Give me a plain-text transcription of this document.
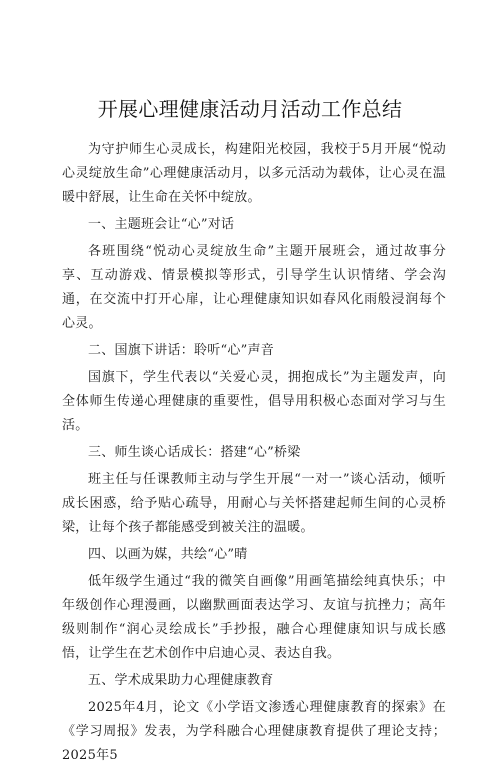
开展心理健康活动月活动工作总结

为守护师生心灵成长，构建阳光校园，我校于5月开展“悦动心灵绽放生命”心理健康活动月，以多元活动为载体，让心灵在温暖中舒展，让生命在关怀中绽放。

一、主题班会让“心”对话

各班围绕“悦动心灵绽放生命”主题开展班会，通过故事分享、互动游戏、情景模拟等形式，引导学生认识情绪、学会沟通，在交流中打开心扉，让心理健康知识如春风化雨般浸润每个心灵。

二、国旗下讲话：聆听“心”声音

国旗下，学生代表以“关爱心灵，拥抱成长”为主题发声，向全体师生传递心理健康的重要性，倡导用积极心态面对学习与生活。

三、师生谈心话成长：搭建“心”桥梁

班主任与任课教师主动与学生开展“一对一”谈心活动，倾听成长困惑，给予贴心疏导，用耐心与关怀搭建起师生间的心灵桥梁，让每个孩子都能感受到被关注的温暖。

四、以画为媒，共绘“心”晴

低年级学生通过“我的微笑自画像”用画笔描绘纯真快乐；中年级创作心理漫画，以幽默画面表达学习、友谊与抗挫力；高年级则制作“润心灵绘成长”手抄报，融合心理健康知识与成长感悟，让学生在艺术创作中启迪心灵、表达自我。

五、学术成果助力心理健康教育

2025年4月，论文《小学语文渗透心理健康教育的探索》在《学习周报》发表，为学科融合心理健康教育提供了理论支持；2025年5
